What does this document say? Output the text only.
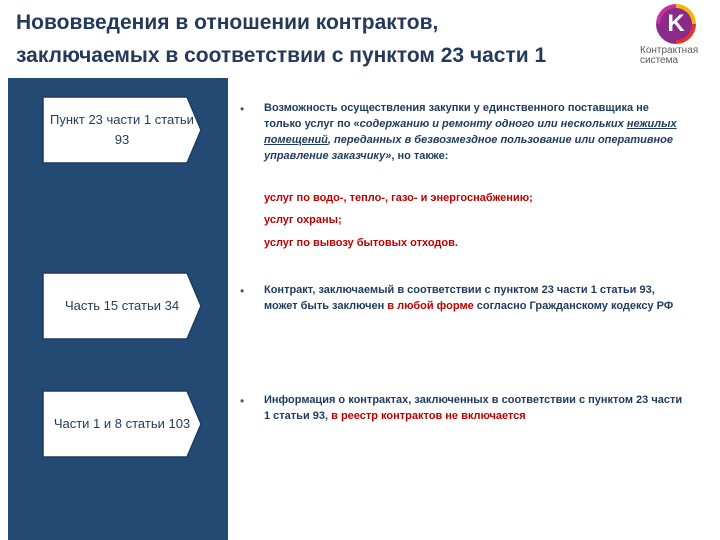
Нововведения в отношении контрактов,
заключаемых в соответствии с пунктом 23 части 1
K
Контрактная
система
Пункт 23 части 1 статьи 93
Часть 15 статьи 34
Части 1 и 8 статьи 103
• Возможность осуществления закупки у единственного поставщика не только услуг по «содержанию и ремонту одного или нескольких нежилых помещений, переданных в безвозмездное пользование или оперативное управление заказчику», но также:
услуг по водо-, тепло-, газо- и энергоснабжению;
услуг охраны;
услуг по вывозу бытовых отходов.
• Контракт, заключаемый в соответствии с пунктом 23 части 1 статьи 93, может быть заключен в любой форме согласно Гражданскому кодексу РФ
• Информация о контрактах, заключенных в соответствии с пунктом 23 части 1 статьи 93, в реестр контрактов не включается
